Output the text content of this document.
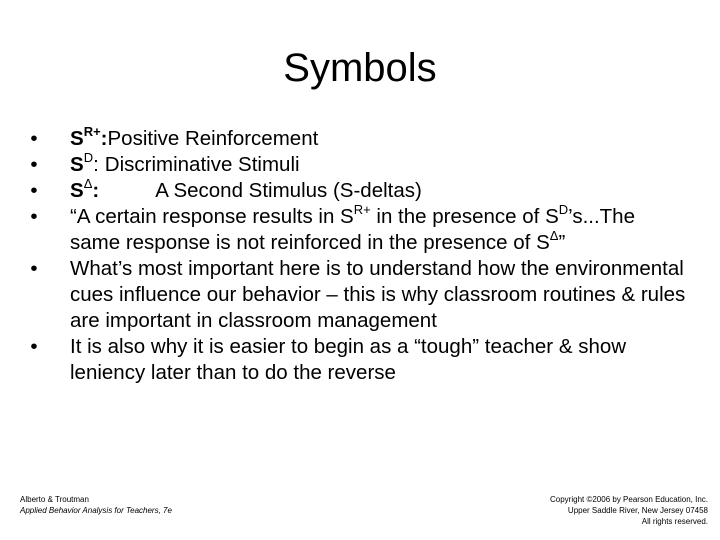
Symbols
• $S^{R+}:Positive$ Reinforcement
• $S^D$: Discriminative Stimuli
• $S^\Delta$:	A Second Stimulus (S-deltas)
• “A certain response results in $S^{R+}$ in the presence of $S^D’s...The$ same response is not reinforced in the presence of $S^\Delta$”
• What’s most important here is to understand how the environmental cues influence our behavior – this is why classroom routines & rules are important in classroom management
• It is also why it is easier to begin as a “tough” teacher & show leniency later than to do the reverse
Alberto & Troutman
Applied Behavior Analysis for Teachers, 7e
Copyright ©2006 by Pearson Education, Inc.
Upper Saddle River, New Jersey 07458
All rights reserved.
